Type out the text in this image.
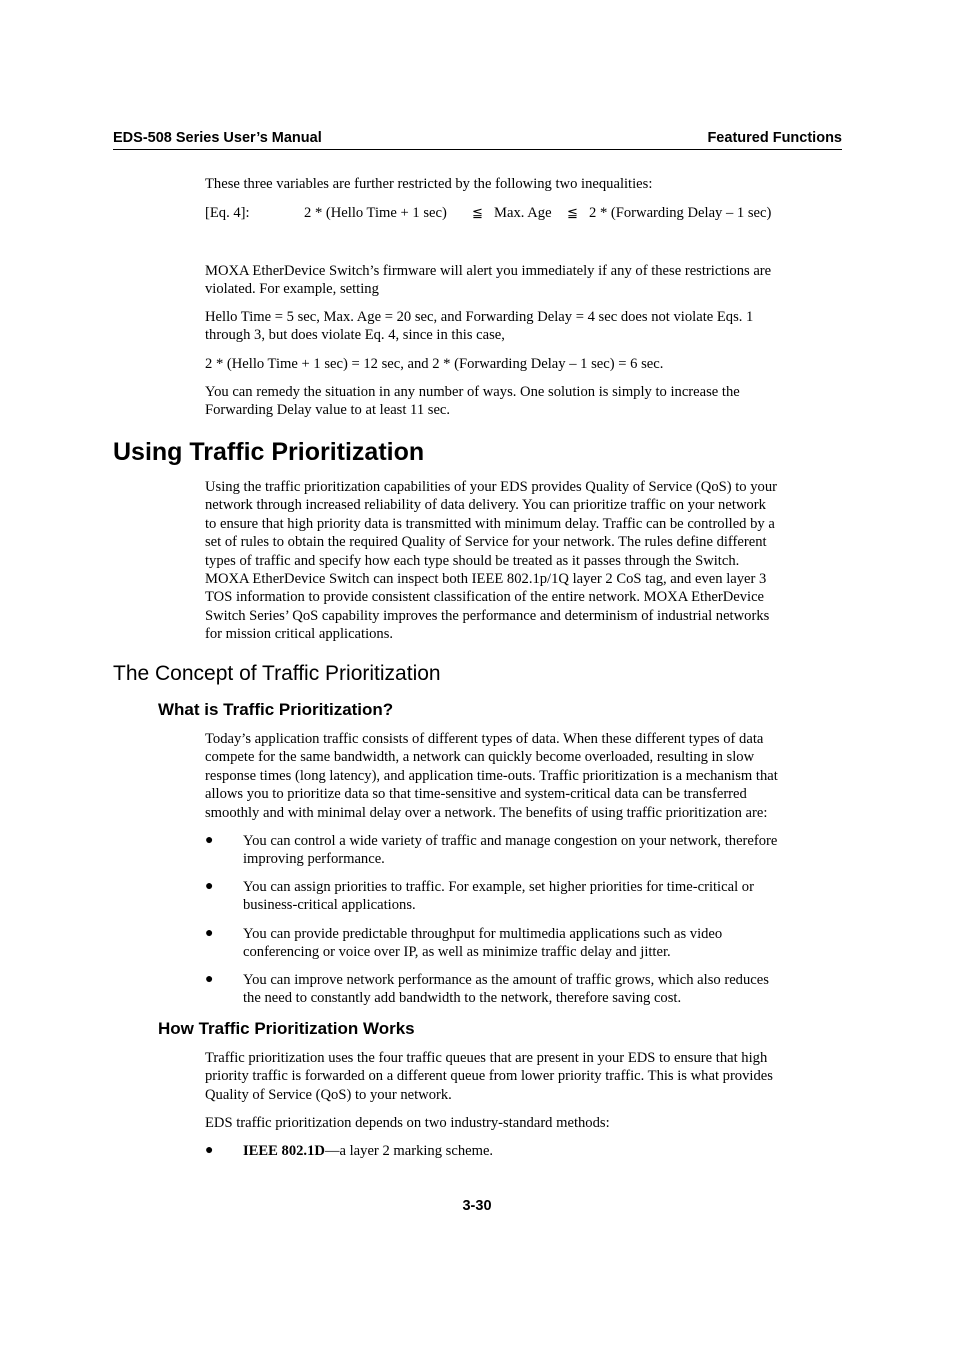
EDS-508 Series User’s Manual	Featured Functions
These three variables are further restricted by the following two inequalities:
[Eq. 4]:	2 * (Hello Time + 1 sec) ≦ Max. Age ≦ 2 * (Forwarding Delay – 1 sec)
MOXA EtherDevice Switch’s firmware will alert you immediately if any of these restrictions are
violated. For example, setting
Hello Time = 5 sec, Max. Age = 20 sec, and Forwarding Delay = 4 sec does not violate Eqs. 1
through 3, but does violate Eq. 4, since in this case,
2 * (Hello Time + 1 sec) = 12 sec, and 2 * (Forwarding Delay – 1 sec) = 6 sec.
You can remedy the situation in any number of ways. One solution is simply to increase the
Forwarding Delay value to at least 11 sec.
Using Traffic Prioritization
Using the traffic prioritization capabilities of your EDS provides Quality of Service (QoS) to your
network through increased reliability of data delivery. You can prioritize traffic on your network
to ensure that high priority data is transmitted with minimum delay. Traffic can be controlled by a
set of rules to obtain the required Quality of Service for your network. The rules define different
types of traffic and specify how each type should be treated as it passes through the Switch.
MOXA EtherDevice Switch can inspect both IEEE 802.1p/1Q layer 2 CoS tag, and even layer 3
TOS information to provide consistent classification of the entire network. MOXA EtherDevice
Switch Series’ QoS capability improves the performance and determinism of industrial networks
for mission critical applications.
The Concept of Traffic Prioritization
What is Traffic Prioritization?
Today’s application traffic consists of different types of data. When these different types of data
compete for the same bandwidth, a network can quickly become overloaded, resulting in slow
response times (long latency), and application time-outs. Traffic prioritization is a mechanism that
allows you to prioritize data so that time-sensitive and system-critical data can be transferred
smoothly and with minimal delay over a network. The benefits of using traffic prioritization are:
●	You can control a wide variety of traffic and manage congestion on your network, therefore
improving performance.
●	You can assign priorities to traffic. For example, set higher priorities for time-critical or
business-critical applications.
●	You can provide predictable throughput for multimedia applications such as video
conferencing or voice over IP, as well as minimize traffic delay and jitter.
●	You can improve network performance as the amount of traffic grows, which also reduces
the need to constantly add bandwidth to the network, therefore saving cost.
How Traffic Prioritization Works
Traffic prioritization uses the four traffic queues that are present in your EDS to ensure that high
priority traffic is forwarded on a different queue from lower priority traffic. This is what provides
Quality of Service (QoS) to your network.
EDS traffic prioritization depends on two industry-standard methods:
●	IEEE 802.1D—a layer 2 marking scheme.
3-30
